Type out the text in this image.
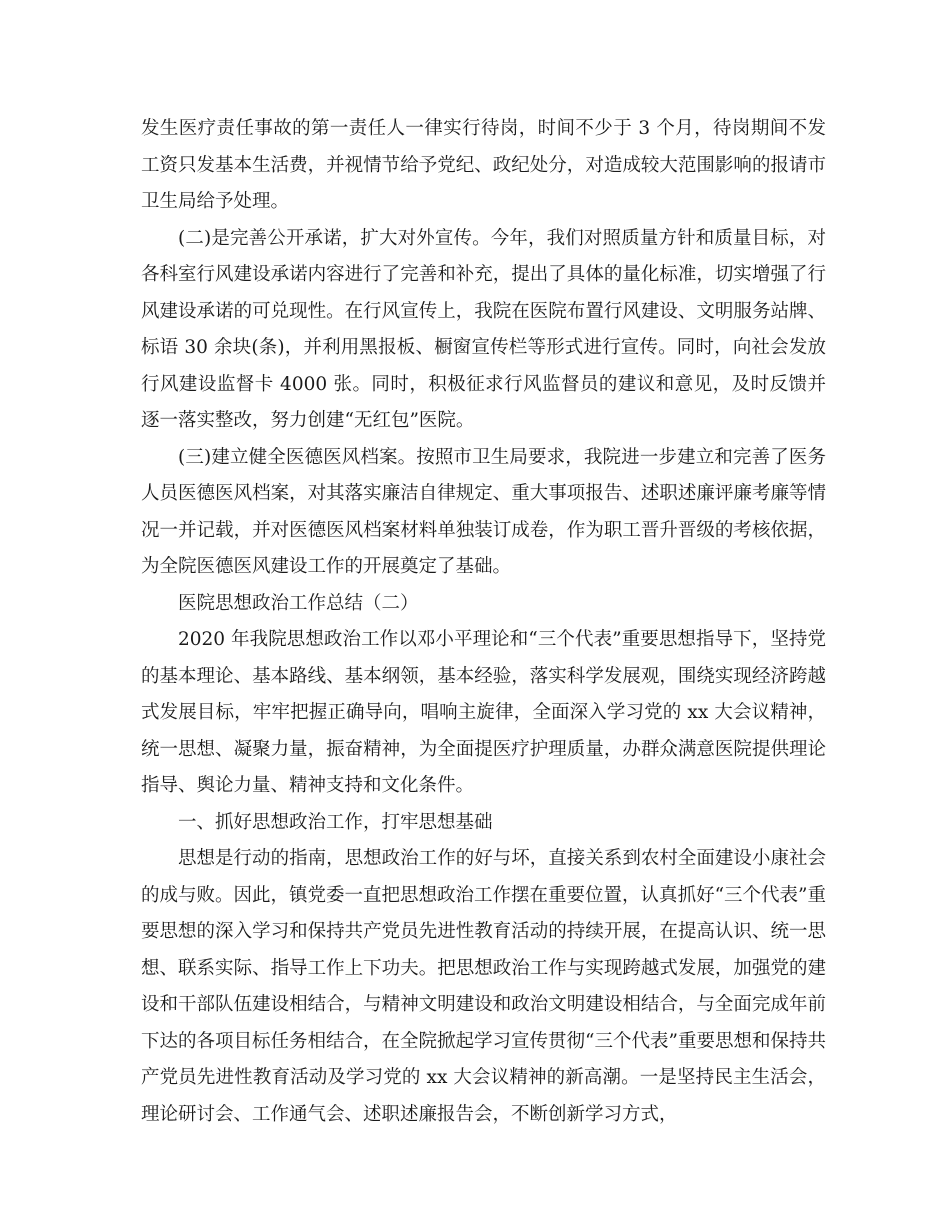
发生医疗责任事故的第一责任人一律实行待岗，时间不少于 3 个月，待岗期间不发工资只发基本生活费，并视情节给予党纪、政纪处分，对造成较大范围影响的报请市卫生局给予处理。

(二)是完善公开承诺，扩大对外宣传。今年，我们对照质量方针和质量目标，对各科室行风建设承诺内容进行了完善和补充，提出了具体的量化标准，切实增强了行风建设承诺的可兑现性。在行风宣传上，我院在医院布置行风建设、文明服务站牌、标语 30 余块(条)，并利用黑报板、橱窗宣传栏等形式进行宣传。同时，向社会发放行风建设监督卡 4000 张。同时，积极征求行风监督员的建议和意见，及时反馈并逐一落实整改，努力创建“无红包”医院。

(三)建立健全医德医风档案。按照市卫生局要求，我院进一步建立和完善了医务人员医德医风档案，对其落实廉洁自律规定、重大事项报告、述职述廉评廉考廉等情况一并记载，并对医德医风档案材料单独装订成卷，作为职工晋升晋级的考核依据，为全院医德医风建设工作的开展奠定了基础。

医院思想政治工作总结（二）

2020 年我院思想政治工作以邓小平理论和“三个代表”重要思想指导下，坚持党的基本理论、基本路线、基本纲领，基本经验，落实科学发展观，围绕实现经济跨越式发展目标，牢牢把握正确导向，唱响主旋律，全面深入学习党的 xx 大会议精神，统一思想、凝聚力量，振奋精神，为全面提医疗护理质量，办群众满意医院提供理论指导、舆论力量、精神支持和文化条件。

一、抓好思想政治工作，打牢思想基础

思想是行动的指南，思想政治工作的好与坏，直接关系到农村全面建设小康社会的成与败。因此，镇党委一直把思想政治工作摆在重要位置，认真抓好“三个代表”重要思想的深入学习和保持共产党员先进性教育活动的持续开展，在提高认识、统一思想、联系实际、指导工作上下功夫。把思想政治工作与实现跨越式发展，加强党的建设和干部队伍建设相结合，与精神文明建设和政治文明建设相结合，与全面完成年前下达的各项目标任务相结合，在全院掀起学习宣传贯彻“三个代表”重要思想和保持共产党员先进性教育活动及学习党的 xx 大会议精神的新高潮。一是坚持民主生活会，理论研讨会、工作通气会、述职述廉报告会，不断创新学习方式，
